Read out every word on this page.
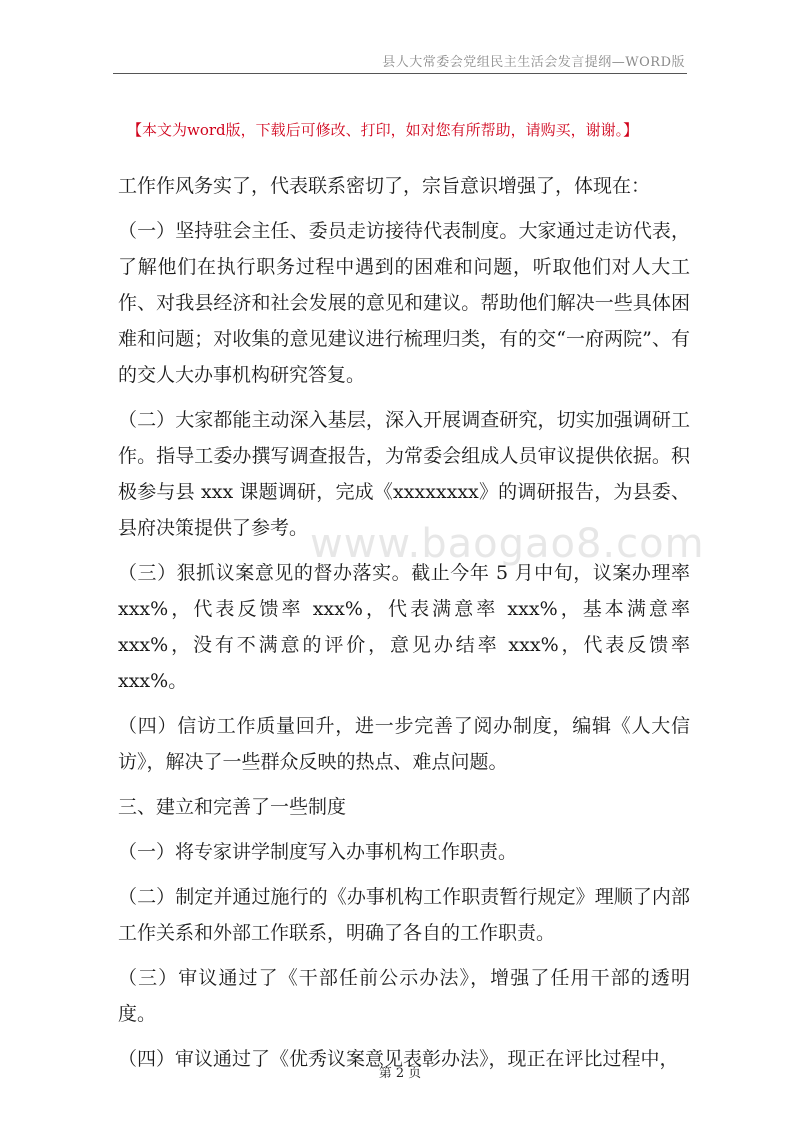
县人大常委会党组民主生活会发言提纲—WORD版
【本文为word版，下载后可修改、打印，如对您有所帮助，请购买，谢谢。】
www.baogao8.com

工作作风务实了，代表联系密切了，宗旨意识增强了，体现在：

（一）坚持驻会主任、委员走访接待代表制度。大家通过走访代表，了解他们在执行职务过程中遇到的困难和问题，听取他们对人大工作、对我县经济和社会发展的意见和建议。帮助他们解决一些具体困难和问题；对收集的意见建议进行梳理归类，有的交“一府两院”、有的交人大办事机构研究答复。

（二）大家都能主动深入基层，深入开展调查研究，切实加强调研工作。指导工委办撰写调查报告，为常委会组成人员审议提供依据。积极参与县 xxx 课题调研，完成《xxxxxxxx》的调研报告，为县委、县府决策提供了参考。

（三）狠抓议案意见的督办落实。截止今年 5 月中旬，议案办理率 xxx%，代表反馈率 xxx%，代表满意率 xxx%，基本满意率 xxx%，没有不满意的评价，意见办结率 xxx%，代表反馈率 xxx%。

（四）信访工作质量回升，进一步完善了阅办制度，编辑《人大信访》，解决了一些群众反映的热点、难点问题。

三、建立和完善了一些制度

（一）将专家讲学制度写入办事机构工作职责。

（二）制定并通过施行的《办事机构工作职责暂行规定》理顺了内部工作关系和外部工作联系，明确了各自的工作职责。

（三）审议通过了《干部任前公示办法》，增强了任用干部的透明度。

（四）审议通过了《优秀议案意见表彰办法》，现正在评比过程中，

第 2 页
